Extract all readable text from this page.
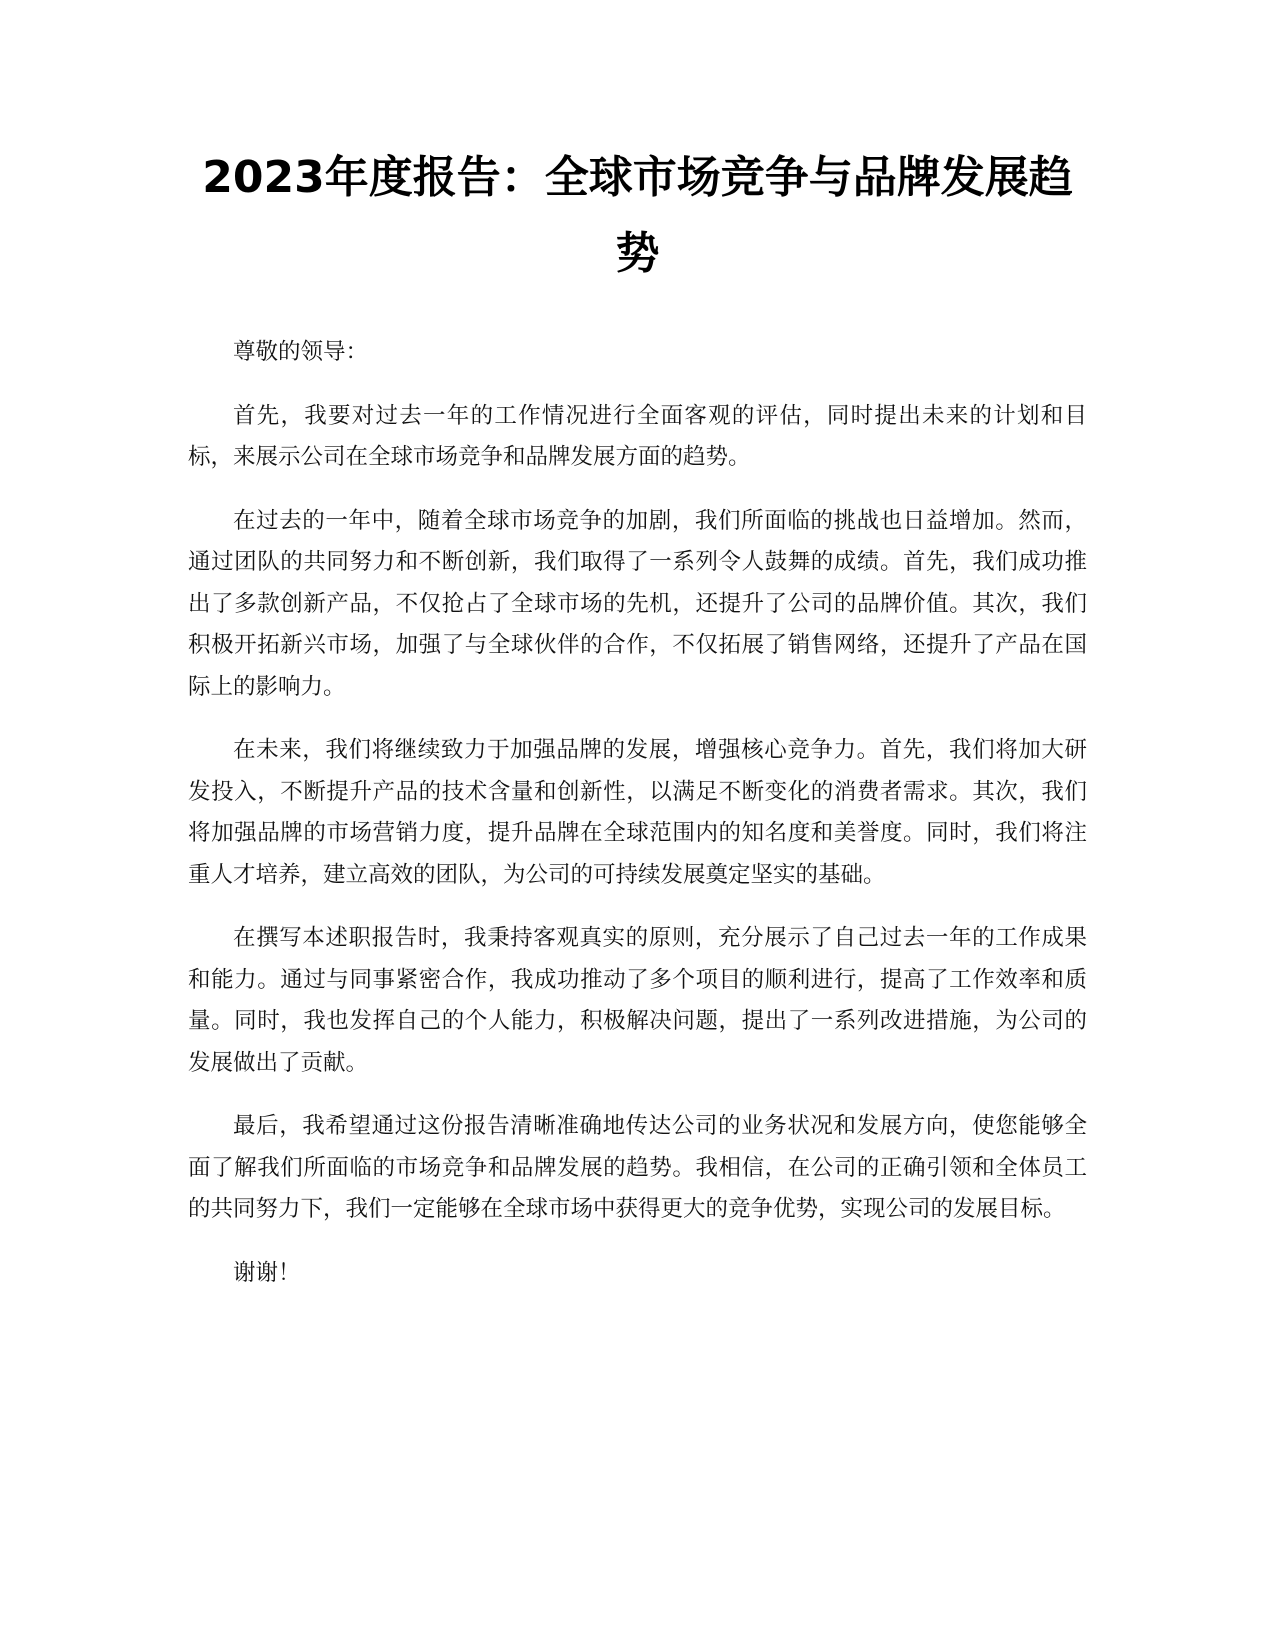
2023年度报告：全球市场竞争与品牌发展趋势

尊敬的领导：

首先，我要对过去一年的工作情况进行全面客观的评估，同时提出未来的计划和目标，来展示公司在全球市场竞争和品牌发展方面的趋势。

在过去的一年中，随着全球市场竞争的加剧，我们所面临的挑战也日益增加。然而，通过团队的共同努力和不断创新，我们取得了一系列令人鼓舞的成绩。首先，我们成功推出了多款创新产品，不仅抢占了全球市场的先机，还提升了公司的品牌价值。其次，我们积极开拓新兴市场，加强了与全球伙伴的合作，不仅拓展了销售网络，还提升了产品在国际上的影响力。

在未来，我们将继续致力于加强品牌的发展，增强核心竞争力。首先，我们将加大研发投入，不断提升产品的技术含量和创新性，以满足不断变化的消费者需求。其次，我们将加强品牌的市场营销力度，提升品牌在全球范围内的知名度和美誉度。同时，我们将注重人才培养，建立高效的团队，为公司的可持续发展奠定坚实的基础。

在撰写本述职报告时，我秉持客观真实的原则，充分展示了自己过去一年的工作成果和能力。通过与同事紧密合作，我成功推动了多个项目的顺利进行，提高了工作效率和质量。同时，我也发挥自己的个人能力，积极解决问题，提出了一系列改进措施，为公司的发展做出了贡献。

最后，我希望通过这份报告清晰准确地传达公司的业务状况和发展方向，使您能够全面了解我们所面临的市场竞争和品牌发展的趋势。我相信，在公司的正确引领和全体员工的共同努力下，我们一定能够在全球市场中获得更大的竞争优势，实现公司的发展目标。

谢谢！
